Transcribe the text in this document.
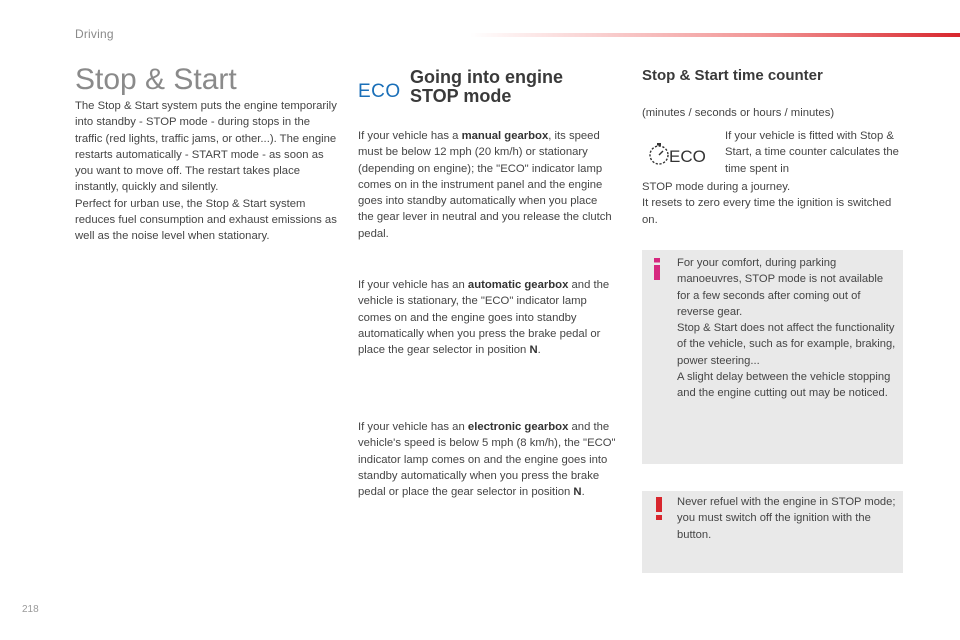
Driving
Stop & Start

The Stop & Start system puts the engine temporarily into standby - STOP mode - during stops in the traffic (red lights, traffic jams, or other...). The engine restarts automatically - START mode - as soon as you want to move off. The restart takes place instantly, quickly and silently.

Perfect for urban use, the Stop & Start system reduces fuel consumption and exhaust emissions as well as the noise level when stationary.

ECO
Going into engine STOP mode

If your vehicle has a manual gearbox, its speed must be below 12 mph (20 km/h) or stationary (depending on engine); the "ECO" indicator lamp comes on in the instrument panel and the engine goes into standby automatically when you place the gear lever in neutral and you release the clutch pedal.

If your vehicle has an automatic gearbox and the vehicle is stationary, the "ECO" indicator lamp comes on and the engine goes into standby automatically when you press the brake pedal or place the gear selector in position N.

If your vehicle has an electronic gearbox and the vehicle's speed is below 5 mph (8 km/h), the "ECO" indicator lamp comes on and the engine goes into standby automatically when you press the brake pedal or place the gear selector in position N.

Stop & Start time counter
(minutes / seconds or hours / minutes)
ECO
If your vehicle is fitted with Stop & Start, a time counter calculates the time spent in

STOP mode during a journey.

It resets to zero every time the ignition is switched on.

For your comfort, during parking manoeuvres, STOP mode is not available for a few seconds after coming out of reverse gear.

Stop & Start does not affect the functionality of the vehicle, such as for example, braking, power steering...

A slight delay between the vehicle stopping and the engine cutting out may be noticed.

Never refuel with the engine in STOP mode; you must switch off the ignition with the button.
218
